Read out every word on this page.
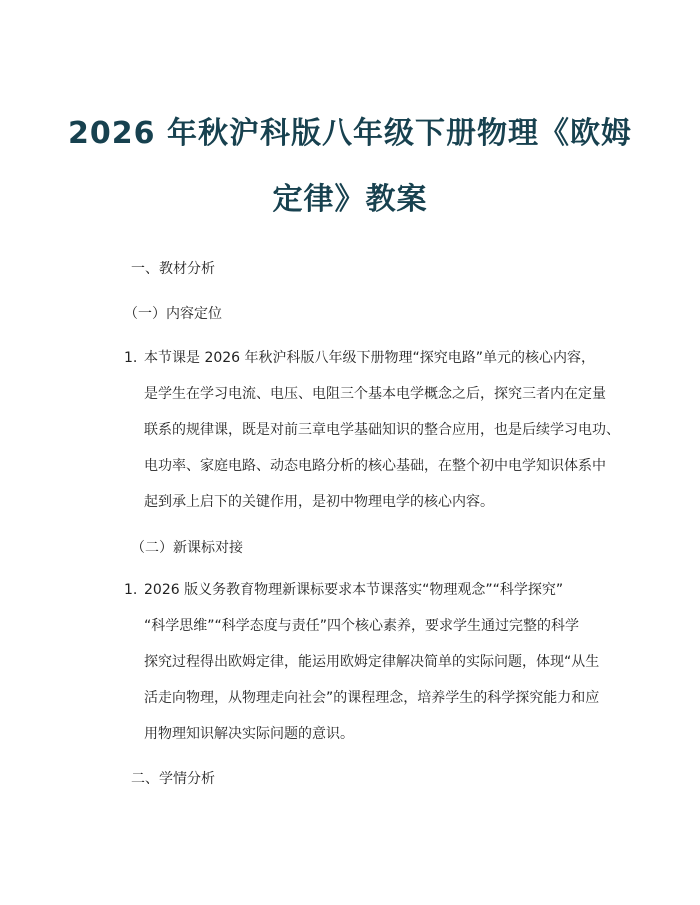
2026 年秋沪科版八年级下册物理《欧姆
定律》教案
一、教材分析
（一）内容定位
1. 本节课是 2026 年秋沪科版八年级下册物理“探究电路”单元的核心内容，
是学生在学习电流、电压、电阻三个基本电学概念之后，探究三者内在定量
联系的规律课，既是对前三章电学基础知识的整合应用，也是后续学习电功、
电功率、家庭电路、动态电路分析的核心基础，在整个初中电学知识体系中
起到承上启下的关键作用，是初中物理电学的核心内容。
（二）新课标对接
1. 2026 版义务教育物理新课标要求本节课落实“物理观念”“科学探究”
“科学思维”“科学态度与责任”四个核心素养，要求学生通过完整的科学
探究过程得出欧姆定律，能运用欧姆定律解决简单的实际问题，体现“从生
活走向物理，从物理走向社会”的课程理念，培养学生的科学探究能力和应
用物理知识解决实际问题的意识。
二、学情分析
